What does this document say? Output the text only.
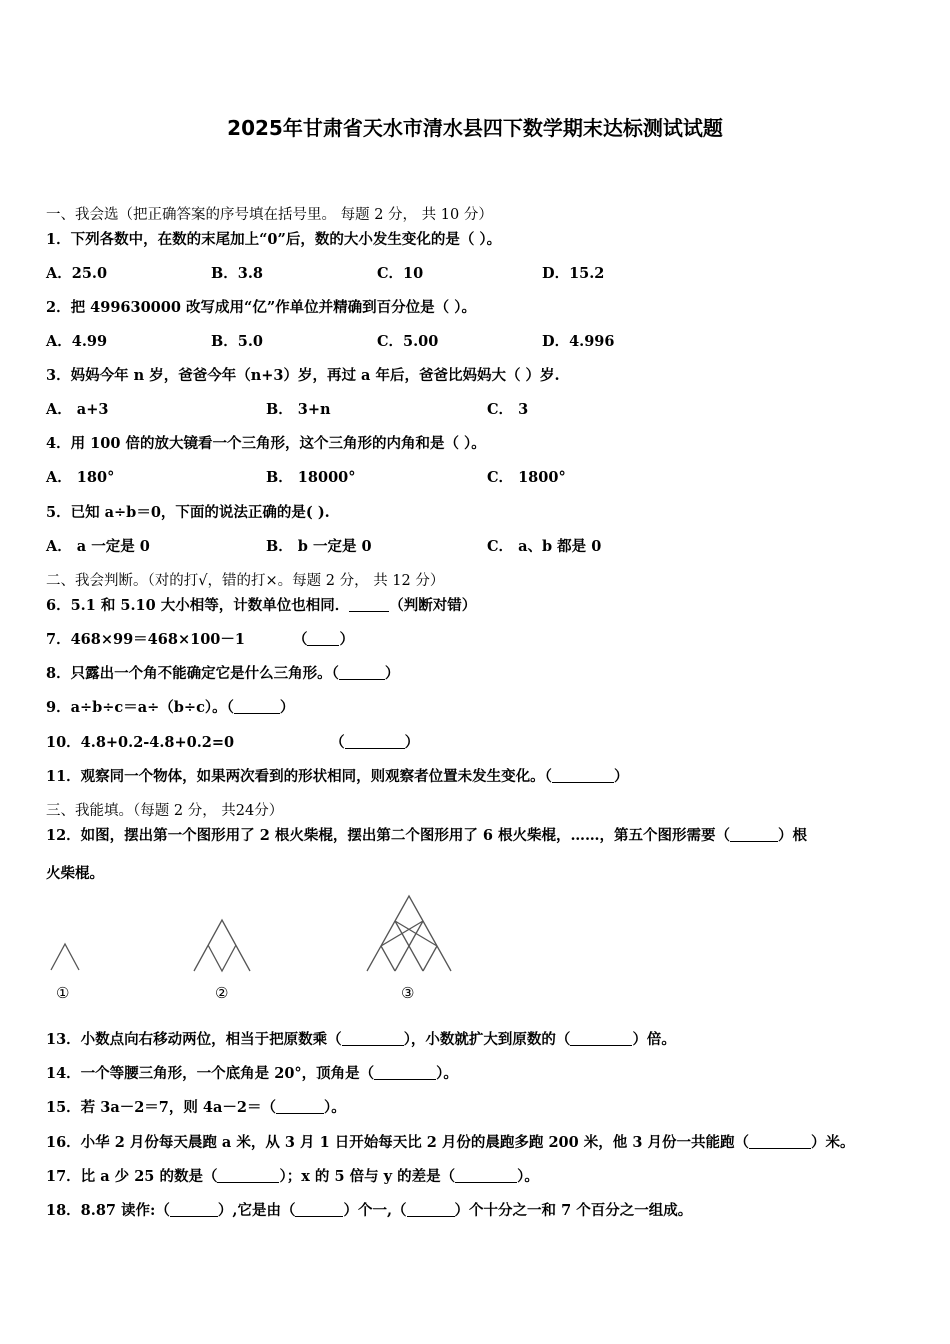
2025年甘肃省天水市清水县四下数学期末达标测试试题
一、我会选（把正确答案的序号填在括号里。 每题 2 分， 共 10 分）
1．下列各数中，在数的末尾加上“0”后，数的大小发生变化的是（ ）。
A．25.0	B．3.8	C．10	D．15.2
2．把 499630000 改写成用“亿”作单位并精确到百分位是（ ）。
A．4.99	B．5.0	C．5.00	D．4.996
3．妈妈今年 n 岁，爸爸今年（n+3）岁，再过 a 年后，爸爸比妈妈大（ ）岁.
A． a+3	B． 3+n	C． 3
4．用 100 倍的放大镜看一个三角形，这个三角形的内角和是（ ）。
A． 180°	B． 18000°	C． 1800°
5．已知 a÷b＝0，下面的说法正确的是( ).
A． a 一定是 0	B． b 一定是 0	C． a、b 都是 0
二、我会判断。（对的打√，错的打×。每题 2 分， 共 12 分）
6．5.1 和 5.10 大小相等，计数单位也相同．	（判断对错）
7．468×99＝468×100－1	（ ）
8．只露出一个角不能确定它是什么三角形。（	）
9．a÷b÷c＝a÷（b÷c）。（	）
10．4.8+0.2-4.8+0.2=0	（	）
11．观察同一个物体，如果两次看到的形状相同，则观察者位置未发生变化。（	）
三、我能填。（每题 2 分， 共24分）
12．如图，摆出第一个图形用了 2 根火柴棍，摆出第二个图形用了 6 根火柴棍，……，第五个图形需要（	）根
火柴棍。
①	②	③
13．小数点向右移动两位，相当于把原数乘（	），小数就扩大到原数的（	）倍。
14．一个等腰三角形，一个底角是 20°，顶角是（	）。
15．若 3a－2＝7，则 4a－2＝（	）。
16．小华 2 月份每天晨跑 a 米，从 3 月 1 日开始每天比 2 月份的晨跑多跑 200 米，他 3 月份一共能跑（	）米。
17．比 a 少 25 的数是（	）；x 的 5 倍与 y 的差是（	）。
18．8.87 读作:（	）,它是由（	）个一,（	）个十分之一和 7 个百分之一组成。
